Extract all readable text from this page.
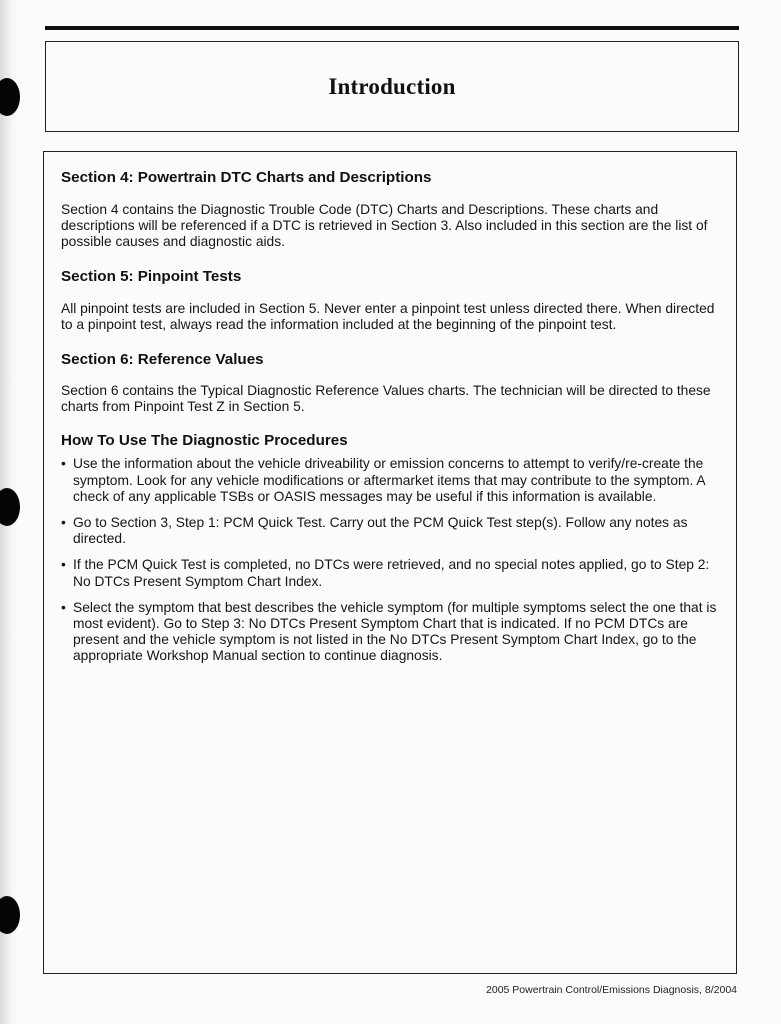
Introduction
Section 4: Powertrain DTC Charts and Descriptions

Section 4 contains the Diagnostic Trouble Code (DTC) Charts and Descriptions. These charts and descriptions will be referenced if a DTC is retrieved in Section 3. Also included in this section are the list of possible causes and diagnostic aids.

Section 5: Pinpoint Tests

All pinpoint tests are included in Section 5. Never enter a pinpoint test unless directed there. When directed to a pinpoint test, always read the information included at the beginning of the pinpoint test.

Section 6: Reference Values

Section 6 contains the Typical Diagnostic Reference Values charts. The technician will be directed to these charts from Pinpoint Test Z in Section 5.

How To Use The Diagnostic Procedures
• Use the information about the vehicle driveability or emission concerns to attempt to verify/re-create the symptom. Look for any vehicle modifications or aftermarket items that may contribute to the symptom. A check of any applicable TSBs or OASIS messages may be useful if this information is available.
• Go to Section 3, Step 1: PCM Quick Test. Carry out the PCM Quick Test step(s). Follow any notes as directed.
• If the PCM Quick Test is completed, no DTCs were retrieved, and no special notes applied, go to Step 2: No DTCs Present Symptom Chart Index.
• Select the symptom that best describes the vehicle symptom (for multiple symptoms select the one that is most evident). Go to Step 3: No DTCs Present Symptom Chart that is indicated. If no PCM DTCs are present and the vehicle symptom is not listed in the No DTCs Present Symptom Chart Index, go to the appropriate Workshop Manual section to continue diagnosis.
2005 Powertrain Control/Emissions Diagnosis, 8/2004
